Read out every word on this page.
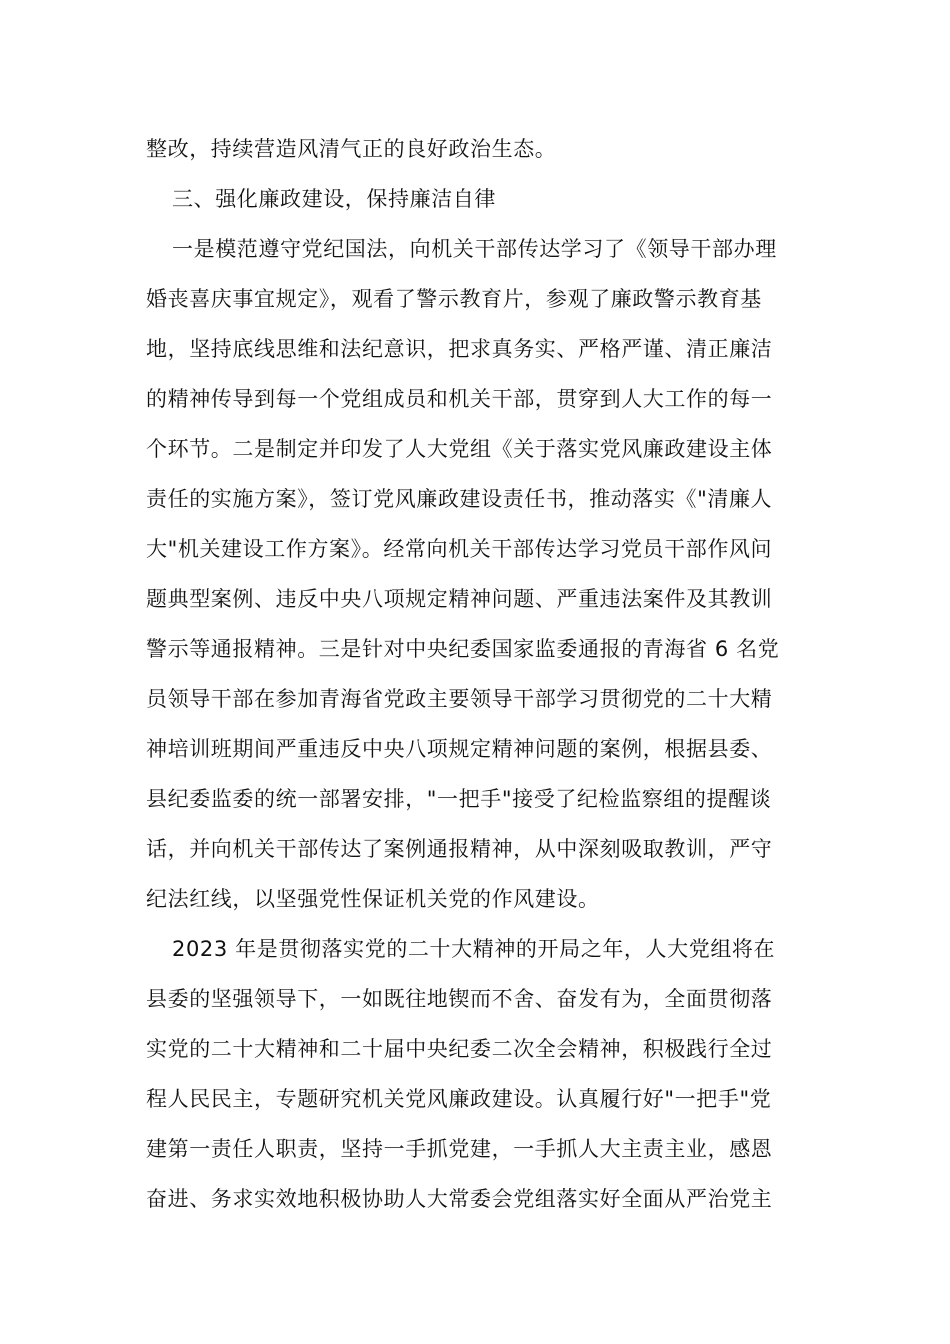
整改，持续营造风清气正的良好政治生态。
三、强化廉政建设，保持廉洁自律
一是模范遵守党纪国法，向机关干部传达学习了《领导干部办理
婚丧喜庆事宜规定》，观看了警示教育片，参观了廉政警示教育基
地，坚持底线思维和法纪意识，把求真务实、严格严谨、清正廉洁
的精神传导到每一个党组成员和机关干部，贯穿到人大工作的每一
个环节。二是制定并印发了人大党组《关于落实党风廉政建设主体
责任的实施方案》，签订党风廉政建设责任书，推动落实《"清廉人
大"机关建设工作方案》。经常向机关干部传达学习党员干部作风问
题典型案例、违反中央八项规定精神问题、严重违法案件及其教训
警示等通报精神。三是针对中央纪委国家监委通报的青海省 6 名党
员领导干部在参加青海省党政主要领导干部学习贯彻党的二十大精
神培训班期间严重违反中央八项规定精神问题的案例，根据县委、
县纪委监委的统一部署安排，"一把手"接受了纪检监察组的提醒谈
话，并向机关干部传达了案例通报精神，从中深刻吸取教训，严守
纪法红线，以坚强党性保证机关党的作风建设。
2023 年是贯彻落实党的二十大精神的开局之年，人大党组将在
县委的坚强领导下，一如既往地锲而不舍、奋发有为，全面贯彻落
实党的二十大精神和二十届中央纪委二次全会精神，积极践行全过
程人民民主，专题研究机关党风廉政建设。认真履行好"一把手"党
建第一责任人职责，坚持一手抓党建，一手抓人大主责主业，感恩
奋进、务求实效地积极协助人大常委会党组落实好全面从严治党主
